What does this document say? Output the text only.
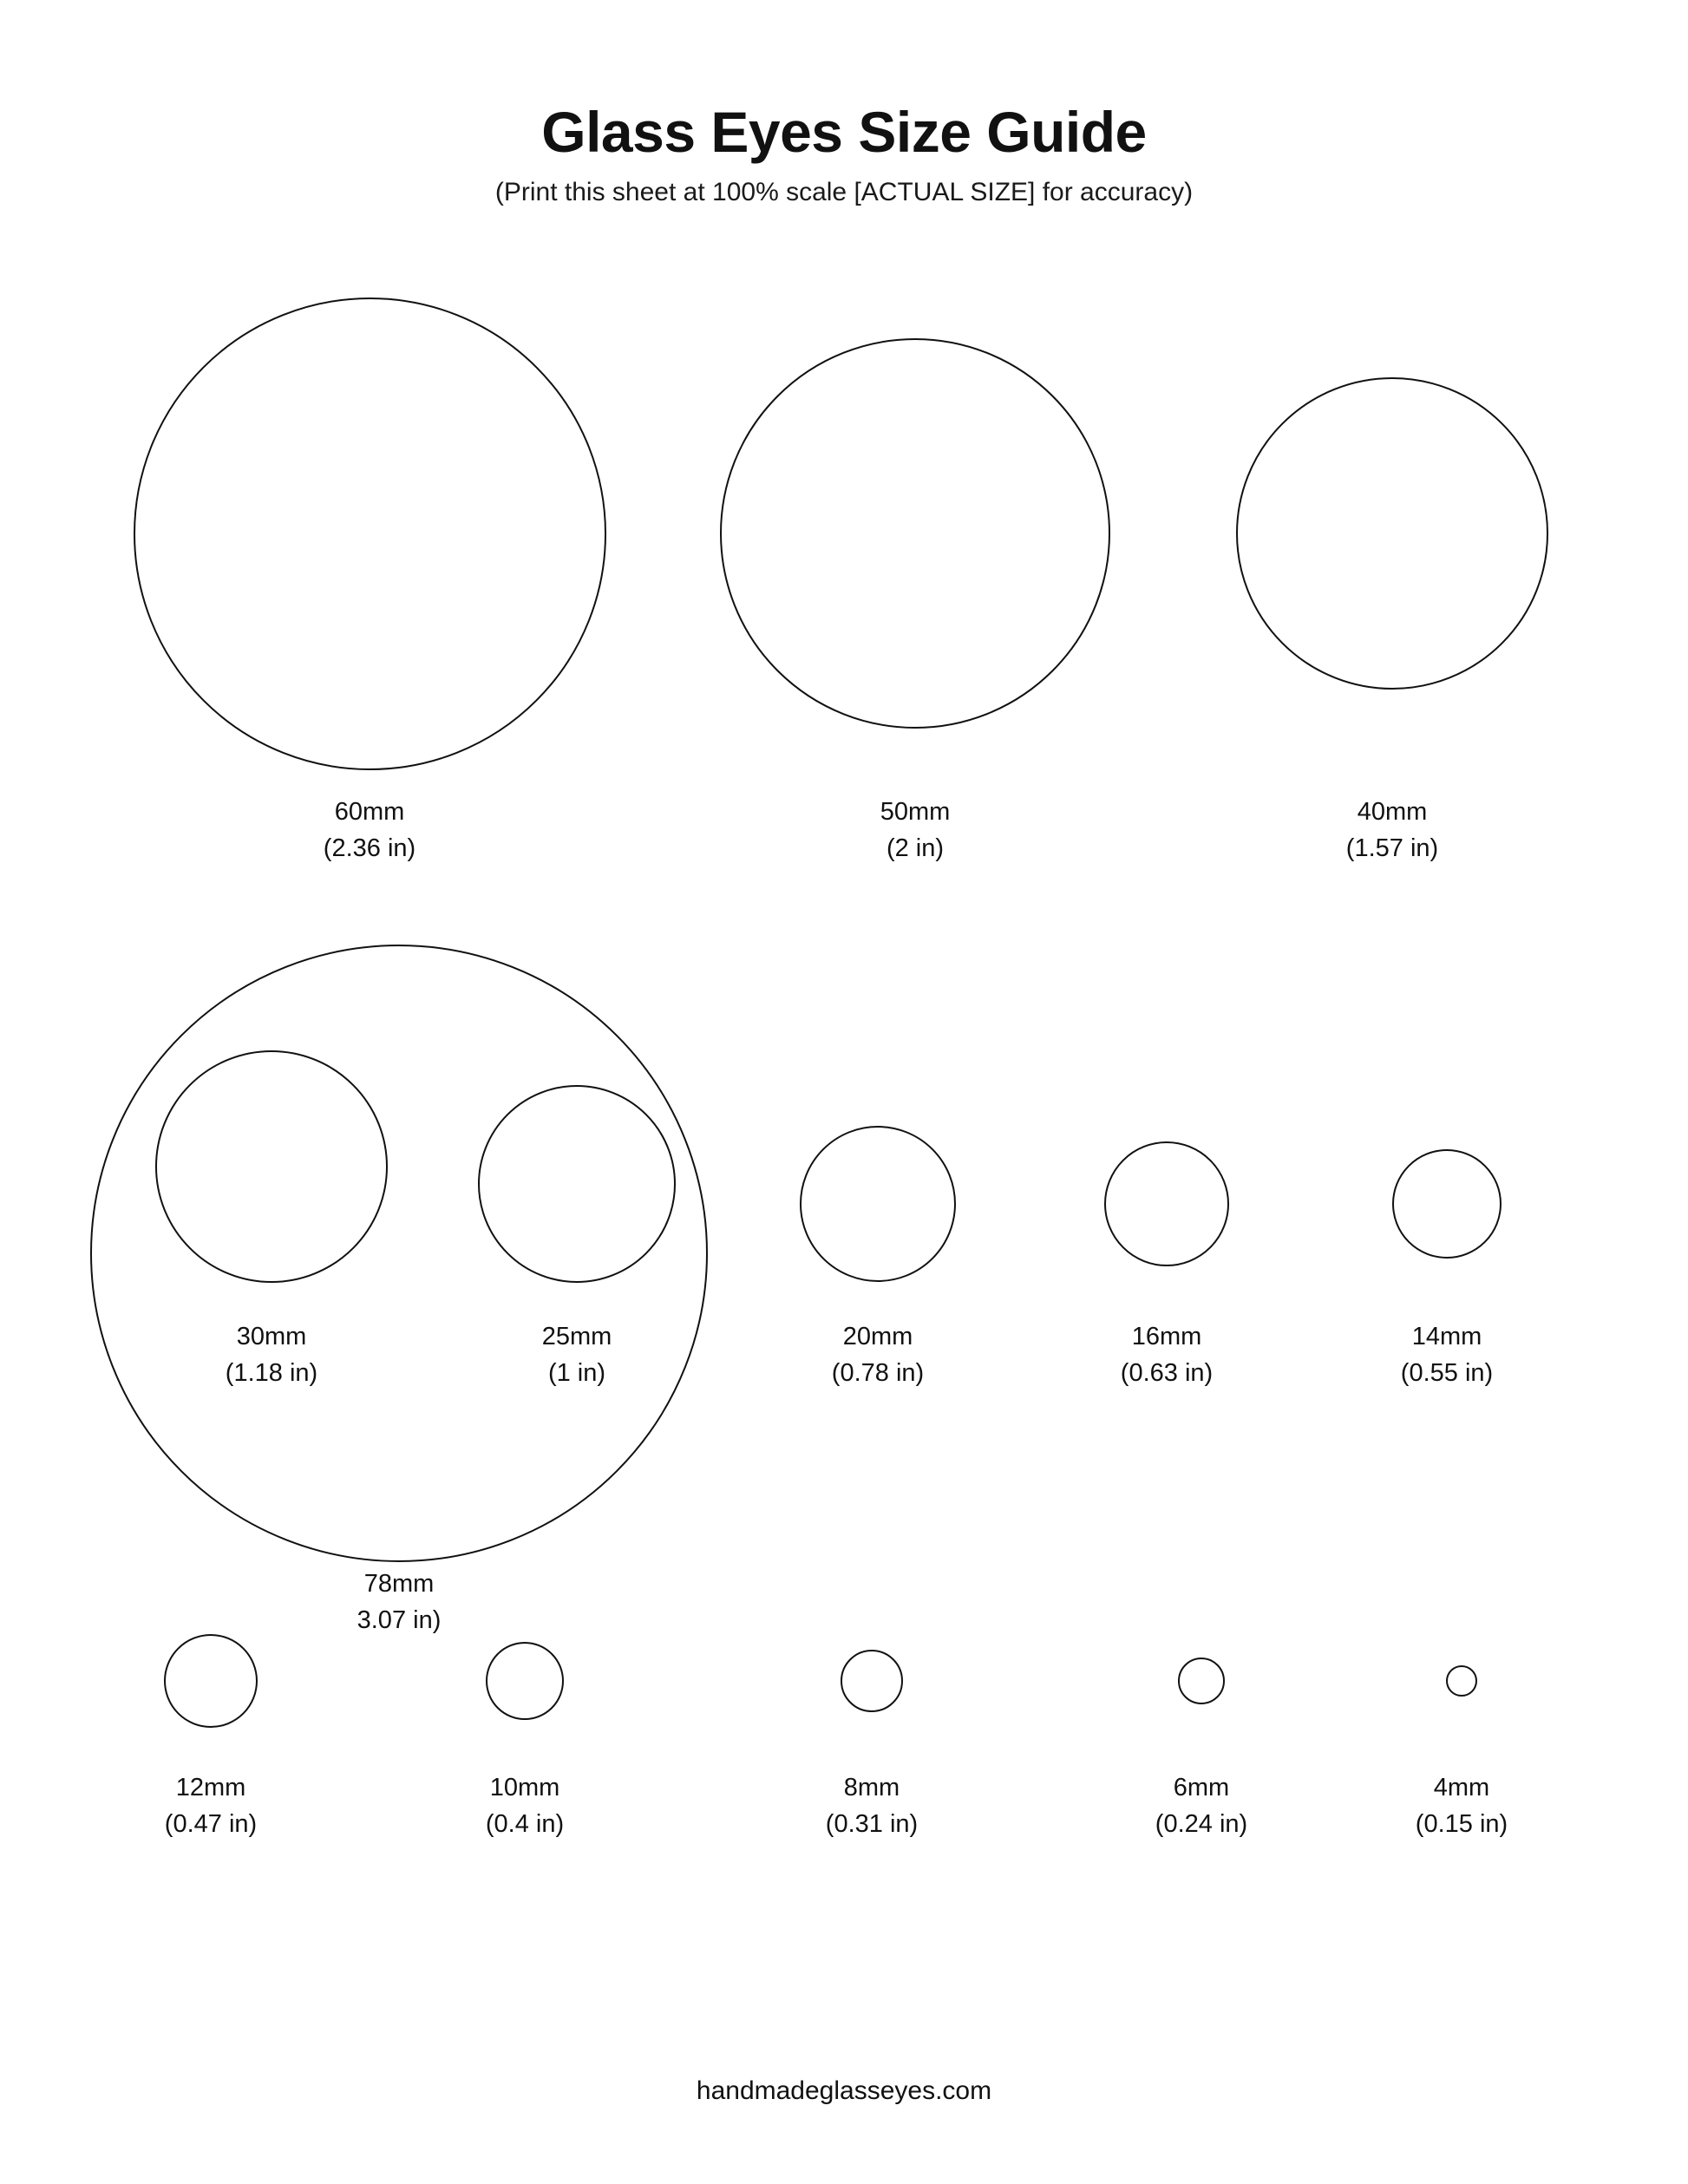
Glass Eyes Size Guide

(Print this sheet at 100% scale [ACTUAL SIZE] for accuracy)

60mm
(2.36 in)
50mm
(2 in)
40mm
(1.57 in)
78mm
3.07 in)
30mm
(1.18 in)
25mm
(1 in)
20mm
(0.78 in)
16mm
(0.63 in)
14mm
(0.55 in)
12mm
(0.47 in)
10mm
(0.4 in)
8mm
(0.31 in)
6mm
(0.24 in)
4mm
(0.15 in)
handmadeglasseyes.com
